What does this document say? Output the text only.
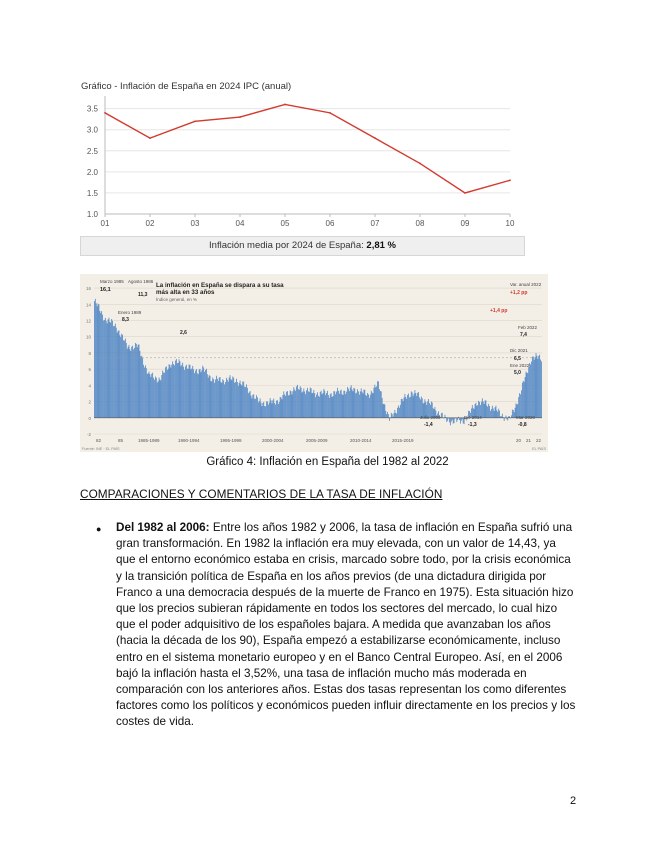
Gráfico - Inflación de España en 2024 IPC (anual)
3.5
3.0
2.5
2.0
1.5
1.0
01	02	03	04	05	06	07	08	09	10
Inflación media por 2024 de España: 2,81 %
16
14
12
10
8
6
4
2
0
-2
La inflación en España se dispara a su tasa
más alta en 33 años
Índice general, en %
Marzo 1985
16,1
Agosto 1986
11,3
Enero 1989
8,3
2,6
Julio 2009
-1,4
Dic 2014
-1,3
Mar 2020
-0,8
Dic 2021
6,5
Ene 2022
5,0
Feb 2022
7,4
Var. anual 2022
+1,2 pp
+1,4 pp
82	85	1985-1989	1990-1994	1995-1999	2000-2004	2005-2009	2010-2014	2015-2019	20 21 22
Fuente: INE · EL PAÍS	EL PAÍS
Gráfico 4: Inflación en España del 1982 al 2022
COMPARACIONES Y COMENTARIOS DE LA TASA DE INFLACIÓN
● Del 1982 al 2006: Entre los años 1982 y 2006, la tasa de inflación en España sufrió una gran transformación. En 1982 la inflación era muy elevada, con un valor de 14,43, ya que el entorno económico estaba en crisis, marcado sobre todo, por la crisis económica y la transición política de España en los años previos (de una dictadura dirigida por Franco a una democracia después de la muerte de Franco en 1975). Esta situación hizo que los precios subieran rápidamente en todos los sectores del mercado, lo cual hizo que el poder adquisitivo de los españoles bajara. A medida que avanzaban los años (hacia la década de los 90), España empezó a estabilizarse económicamente, incluso entro en el sistema monetario europeo y en el Banco Central Europeo. Así, en el 2006 bajó la inflación hasta el 3,52%, una tasa de inflación mucho más moderada en comparación con los anteriores años. Estas dos tasas representan los como diferentes factores como los políticos y económicos pueden influir directamente en los precios y los costes de vida.
2
